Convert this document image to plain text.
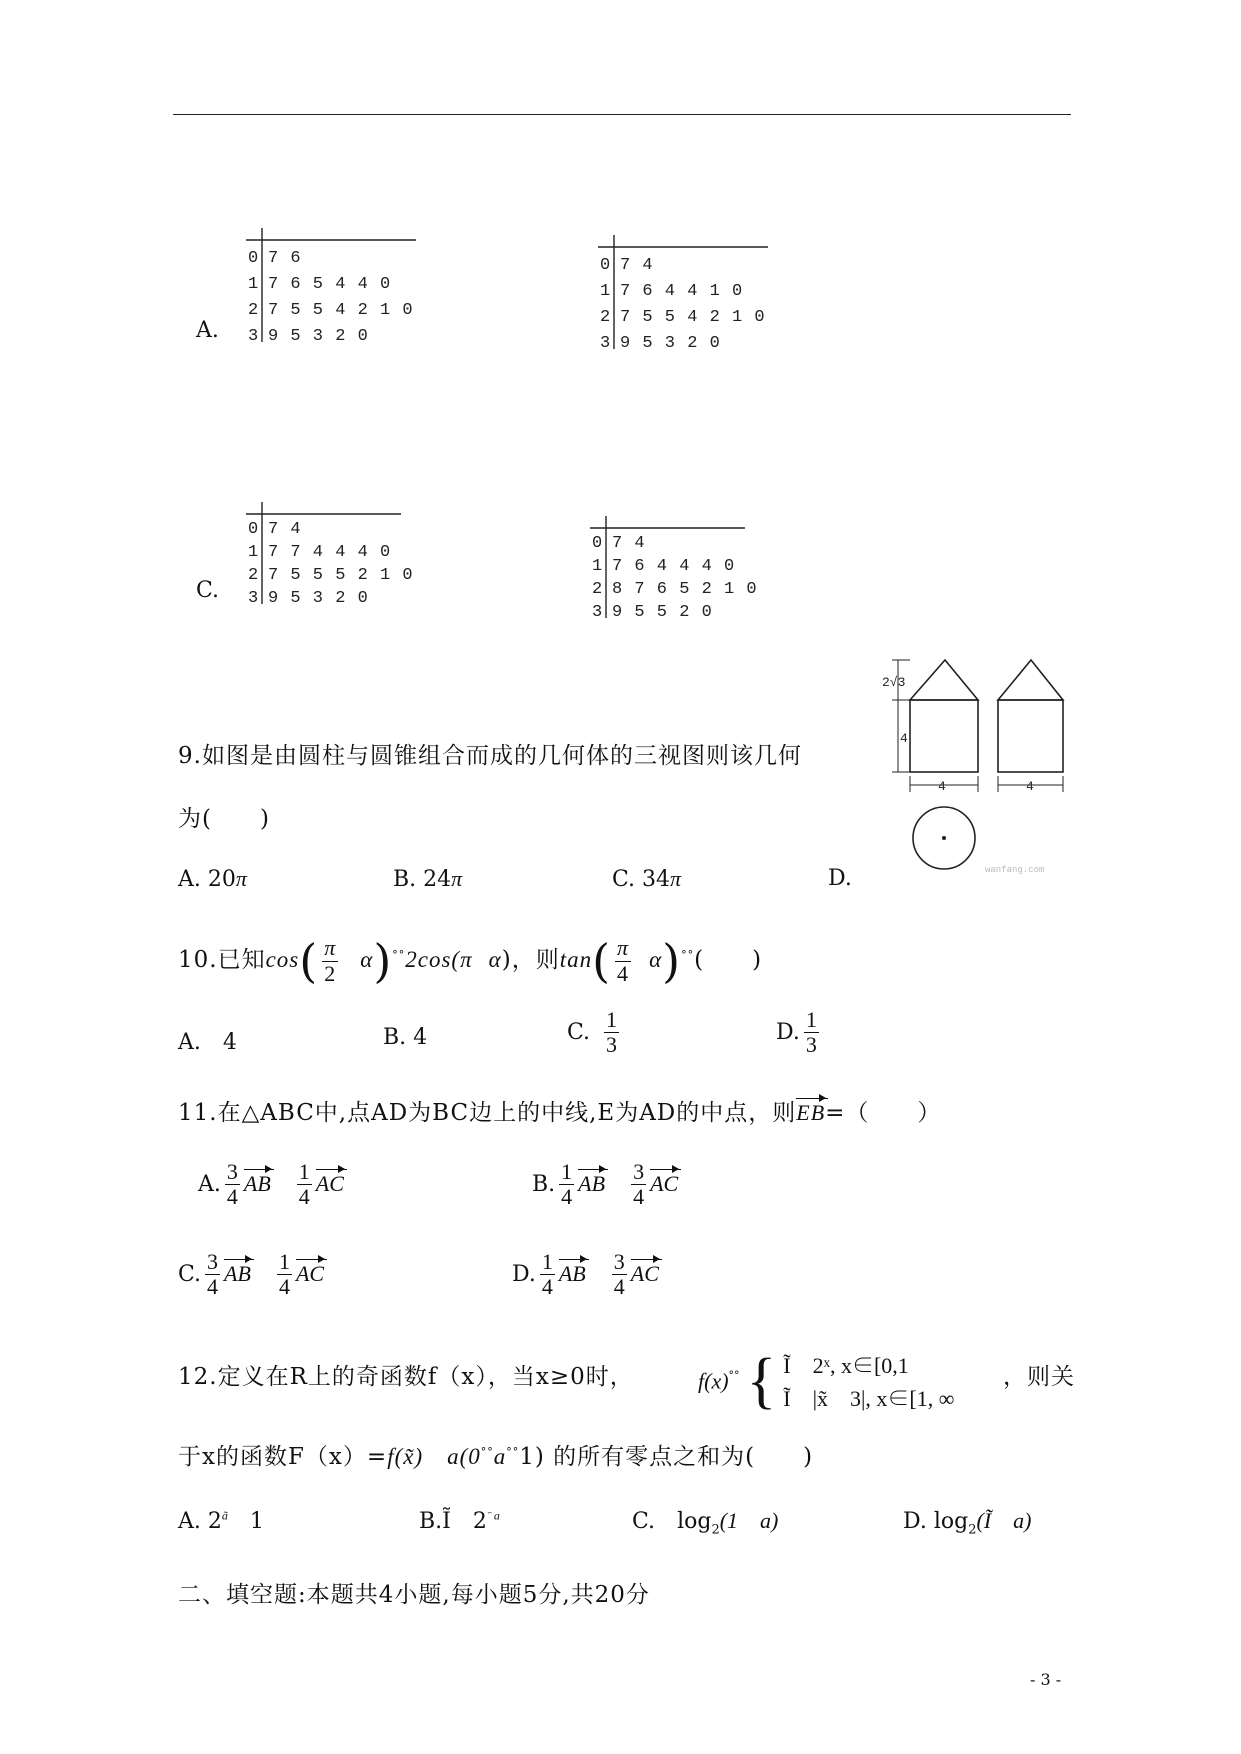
A.
0 7 6
1 7 6 5 4 4 0
2 7 5 5 4 2 1 0
3 9 5 3 2 0
0 7 4
1 7 6 4 4 1 0
2 7 5 5 4 2 1 0
3 9 5 3 2 0
C.
0 7 4
1 7 7 4 4 4 0
2 7 5 5 5 2 1 0
3 9 5 3 2 0
0 7 4
1 7 6 4 4 4 0
2 8 7 6 5 2 1 0
3 9 5 5 2 0
9.如图是由圆柱与圆锥组合而成的几何体的三视图则该几何
为(　　)
A. 20π	B. 24π	C. 34π	D.
2√3
4
4	4
wanfang.com
10.已知$\cos( \frac{\pi}{2} \alpha)^{^\circ^\circ}2\cos(\pi$ α)，则$\tan( \frac{\pi}{4} \alpha)^{^\circ^\circ}$(　　)
A.　4	B. 4	C. $\frac{1}{3}$	D. $\frac{1}{3}$
11.在△ABC中,点AD为BC边上的中线,E为AD的中点，则EB=（　　）
A. $\frac{3}{4}$ AB $\frac{1}{4}$ AC	B. $\frac{1}{4}$ AB $\frac{3}{4}$ AC
C. $\frac{3}{4}$ AB $\frac{1}{4}$ AC	D. $\frac{1}{4}$ AB $\frac{3}{4}$ AC
12.定义在R上的奇函数f（x），当x≥0时，	f(x)°° { Ĩ　2ˣ, x∈[0,1
Ĩ　|x̃　3|, x∈[1, ∞
，则关
于x的函数F（x）=f(x̃)　a(0°°a°°1) 的所有零点之和为(　　)
A. $2^ã$　1	B.Ĩ　$2^{ˉ a}$	C.　 $\log_2(1$　a)	D. $\log_2(Ĩ$　a)
二、填空题:本题共4小题,每小题5分,共20分
- 3 -
